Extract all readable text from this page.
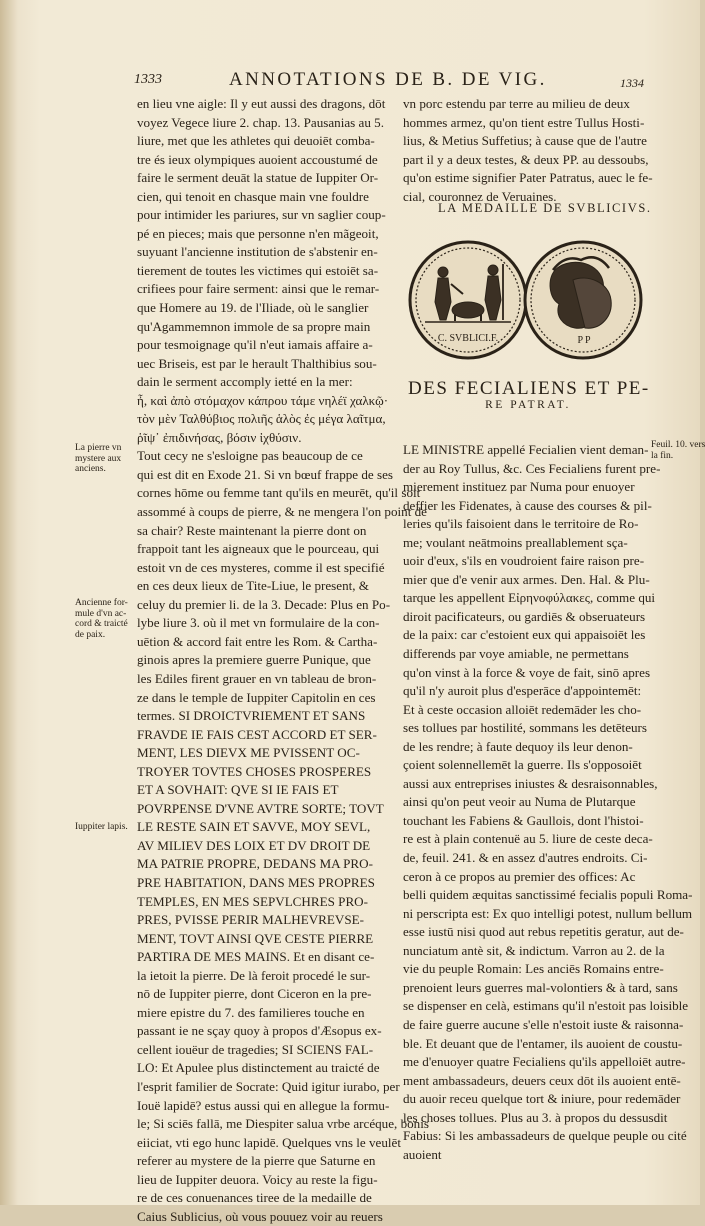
1333	ANNOTATIONS DE B. DE VIG.	1334
en lieu vne aigle: Il y eut aussi des dragons, dōt
voyez Vegece liure 2. chap. 13. Pausanias au 5.
liure, met que les athletes qui deuoiēt comba-
tre és ieux olympiques auoient accoustumé de
faire le serment deuāt la statue de Iuppiter Or-
cien, qui tenoit en chasque main vne fouldre
pour intimider les pariures, sur vn saglier coup-
pé en pieces; mais que personne n'en mãgeoit,
suyuant l'ancienne institution de s'abstenir en-
tierement de toutes les victimes qui estoiēt sa-
crifiees pour faire serment: ainsi que le remar-
que Homere au 19. de l'Iliade, où le sanglier
qu'Agammemnon immole de sa propre main
pour tesmoignage qu'il n'eut iamais affaire a-
uec Briseis, est par le herault Thalthibius sou-
dain le serment accomply ietté en la mer:
ἦ, καὶ ἀπὸ στόμαχον κάπρου τάμε νηλέϊ χαλκῷ·
τὸν μὲν Ταλθύβιος πολιῆς ἁλὸς ἐς μέγα λαῖτμα,
ῥῖψ᾽ ἐπιδινήσας, βόσιν ἰχθύσιν.
Tout cecy ne s'esloigne pas beaucoup de ce
qui est dit en Exode 21. Si vn bœuf frappe de ses
cornes hōme ou femme tant qu'ils en meurēt, qu'il soit
assommé à coups de pierre, & ne mengera l'on point de
sa chair? Reste maintenant la pierre dont on
frappoit tant les aigneaux que le pourceau, qui
estoit vn de ces mysteres, comme il est specifié
en ces deux lieux de Tite-Liue, le present, &
celuy du premier li. de la 3. Decade: Plus en Po-
lybe liure 3. où il met vn formulaire de la con-
uētion & accord fait entre les Rom. & Cartha-
ginois apres la premiere guerre Punique, que
les Ediles firent grauer en vn tableau de bron-
ze dans le temple de Iuppiter Capitolin en ces
termes. SI DROICTVRIEMENT ET SANS
FRAVDE IE FAIS CEST ACCORD ET SER-
MENT, LES DIEVX ME PVISSENT OC-
TROYER TOVTES CHOSES PROSPERES
ET A SOVHAIT: QVE SI IE FAIS ET
POVRPENSE D'VNE AVTRE SORTE; TOVT
LE RESTE SAIN ET SAVVE, MOY SEVL,
AV MILIEV DES LOIX ET DV DROIT DE
MA PATRIE PROPRE, DEDANS MA PRO-
PRE HABITATION, DANS MES PROPRES
TEMPLES, EN MES SEPVLCHRES PRO-
PRES, PVISSE PERIR MALHEVREVSE-
MENT, TOVT AINSI QVE CESTE PIERRE
PARTIRA DE MES MAINS. Et en disant ce-
la ietoit la pierre. De là feroit procedé le sur-
nō de Iuppiter pierre, dont Ciceron en la pre-
miere epistre du 7. des familieres touche en
passant ie ne sçay quoy à propos d'Æsopus ex-
cellent iouëur de tragedies; SI SCIENS FAL-
LO: Et Apulee plus distinctement au traicté de
l'esprit familier de Socrate: Quid igitur iurabo, per
Iouë lapidē? estus aussi qui en allegue la formu-
le; Si sciēs fallā, me Diespiter salua vrbe arcéque, bonis
eiiciat, vti ego hunc lapidē. Quelques vns le veulēt
referer au mystere de la pierre que Saturne en
lieu de Iuppiter deuora. Voicy au reste la figu-
re de ces conuenances tiree de la medaille de
Caius Sublicius, où vous pouuez voir au reuers
vn porc estendu par terre au milieu de deux
hommes armez, qu'on tient estre Tullus Hosti-
lius, & Metius Suffetius; à cause que de l'autre
part il y a deux testes, & deux PP. au dessoubs,
qu'on estime signifier Pater Patratus, auec le fe-
cial, couronnez de Veruaines.
LA MEDAILLE DE SVBLICIVS.
C. SVBLICI.F.	PP
DES FECIALIENS ET PE-
RE PATRAT.
LE MINISTRE appellé Fecialien vient deman-
der au Roy Tullus, &c. Ces Fecialiens furent pre-
mierement instituez par Numa pour enuoyer
deffier les Fidenates, à cause des courses & pil-
leries qu'ils faisoient dans le territoire de Ro-
me; voulant neātmoins preallablement sça-
uoir d'eux, s'ils en voudroient faire raison pre-
mier que d'e venir aux armes. Den. Hal. & Plu-
tarque les appellent Εἰρηνοφύλακες, comme qui
diroit pacificateurs, ou gardiēs & obseruateurs
de la paix: car c'estoient eux qui appaisoiēt les
differends par voye amiable, ne permettans
qu'on vinst à la force & voye de fait, sinō apres
qu'il n'y auroit plus d'esperāce d'appointemēt:
Et à ceste occasion alloiēt redemāder les cho-
ses tollues par hostilité, sommans les detēteurs
de les rendre; à faute dequoy ils leur denon-
çoient solennellemēt la guerre. Ils s'opposoiēt
aussi aux entreprises iniustes & desraisonnables,
ainsi qu'on peut veoir au Numa de Plutarque
touchant les Fabiens & Gaullois, dont l'histoi-
re est à plain contenuë au 5. liure de ceste deca-
de, feuil. 241. & en assez d'autres endroits. Ci-
ceron à ce propos au premier des offices: Ac
belli quidem æquitas sanctissimé fecialis populi Roma-
ni perscripta est: Ex quo intelligi potest, nullum bellum
esse iustū nisi quod aut rebus repetitis geratur, aut de-
nunciatum antè sit, & indictum. Varron au 2. de la
vie du peuple Romain: Les anciēs Romains entre-
prenoient leurs guerres mal-volontiers & à tard, sans
se dispenser en celà, estimans qu'il n'estoit pas loisible
de faire guerre aucune s'elle n'estoit iuste & raisonna-
ble. Et deuant que de l'entamer, ils auoient de coustu-
me d'enuoyer quatre Fecialiens qu'ils appelloiēt autre-
ment ambassadeurs, deuers ceux dōt ils auoient entē-
du auoir receu quelque tort & iniure, pour redemāder
les choses tollues. Plus au 3. à propos du dessusdit
Fabius: Si les ambassadeurs de quelque peuple ou cité
auoient
La pierre vn
mystere aux
anciens.
Ancienne for-
mule d'vn ac-
cord & traicté
de paix.
Iuppiter lapis.
Feuil. 10. vers
la fin.
